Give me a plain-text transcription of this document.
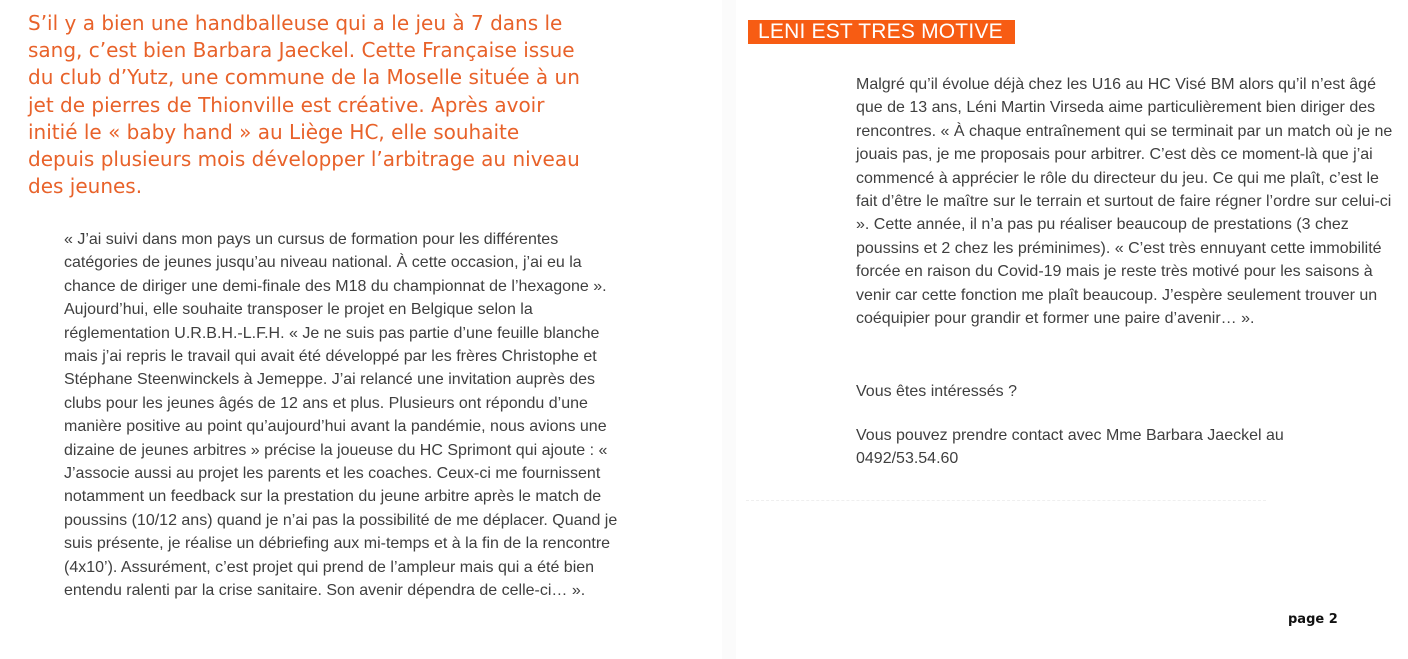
S’il y a bien une handballeuse qui a le jeu à 7 dans le sang, c’est bien Barbara Jaeckel. Cette Française issue du club d’Yutz, une commune de la Moselle située à un jet de pierres de Thionville est créative. Après avoir initié le « baby hand » au Liège HC, elle souhaite depuis plusieurs mois développer l’arbitrage au niveau des jeunes.

« J’ai suivi dans mon pays un cursus de formation pour les différentes catégories de jeunes jusqu’au niveau national. À cette occasion, j’ai eu la chance de diriger une demi-finale des M18 du championnat de l’hexagone ». Aujourd’hui, elle souhaite transposer le projet en Belgique selon la réglementation U.R.B.H.-L.F.H. « Je ne suis pas partie d’une feuille blanche mais j’ai repris le travail qui avait été développé par les frères Christophe et Stéphane Steenwinckels à Jemeppe. J’ai relancé une invitation auprès des clubs pour les jeunes âgés de 12 ans et plus. Plusieurs ont répondu d’une manière positive au point qu’aujourd’hui avant la pandémie, nous avions une dizaine de jeunes arbitres » précise la joueuse du HC Sprimont qui ajoute : « J’associe aussi au projet les parents et les coaches. Ceux-ci me fournissent notamment un feedback sur la prestation du jeune arbitre après le match de poussins (10/12 ans) quand je n’ai pas la possibilité de me déplacer. Quand je suis présente, je réalise un débriefing aux mi-temps et à la fin de la rencontre (4x10’). Assurément, c’est projet qui prend de l’ampleur mais qui a été bien entendu ralenti par la crise sanitaire. Son avenir dépendra de celle-ci… ».

LENI EST TRES MOTIVE

Malgré qu’il évolue déjà chez les U16 au HC Visé BM alors qu’il n’est âgé que de 13 ans, Léni Martin Virseda aime particulièrement bien diriger des rencontres. « À chaque entraînement qui se terminait par un match où je ne jouais pas, je me proposais pour arbitrer. C’est dès ce moment-là que j’ai commencé à apprécier le rôle du directeur du jeu. Ce qui me plaît, c’est le fait d’être le maître sur le terrain et surtout de faire régner l’ordre sur celui-ci ». Cette année, il n’a pas pu réaliser beaucoup de prestations (3 chez poussins et 2 chez les préminimes). « C’est très ennuyant cette immobilité forcée en raison du Covid-19 mais je reste très motivé pour les saisons à venir car cette fonction me plaît beaucoup. J’espère seulement trouver un coéquipier pour grandir et former une paire d’avenir… ».

Vous êtes intéressés ?

Vous pouvez prendre contact avec Mme Barbara Jaeckel au
0492/53.54.60

page 2
